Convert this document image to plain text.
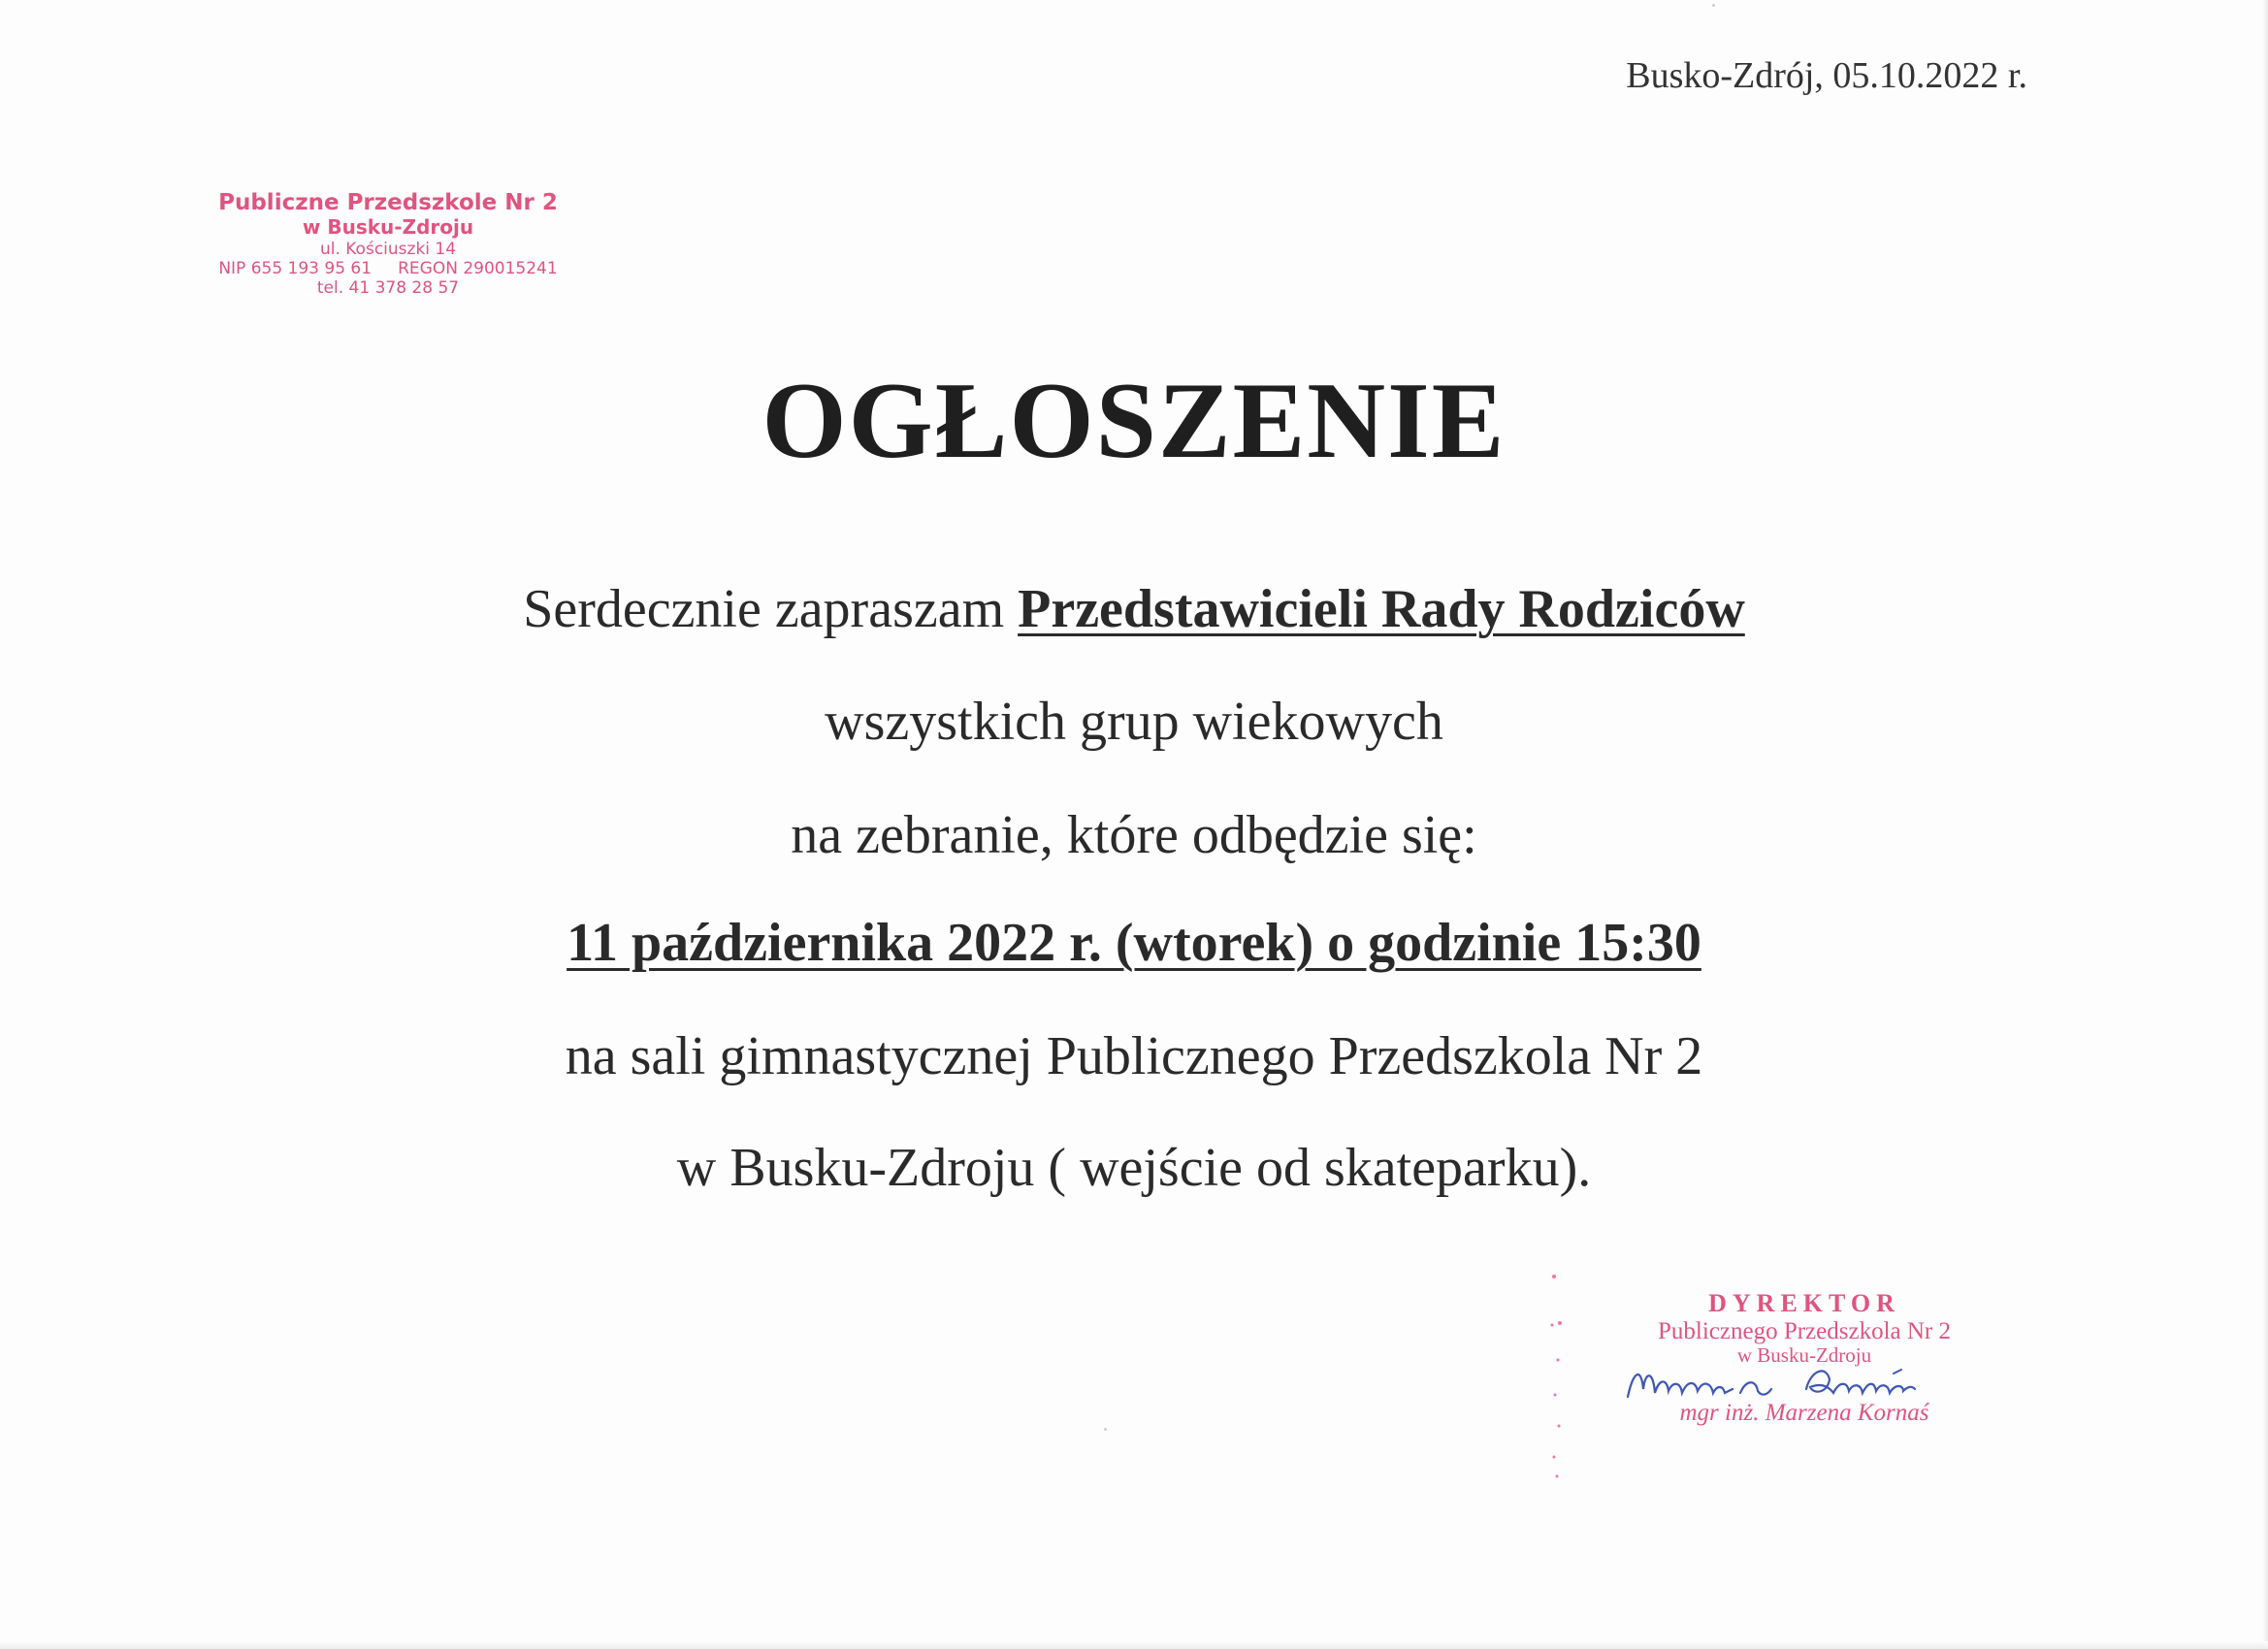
Busko-Zdrój, 05.10.2022 r.
Publiczne Przedszkole Nr 2
w Busku-Zdroju
ul. Kościuszki 14
NIP 655 193 95 61     REGON 290015241
tel. 41 378 28 57
OGŁOSZENIE
Serdecznie zapraszam Przedstawicieli Rady Rodziców
wszystkich grup wiekowych
na zebranie, które odbędzie się:
11 października 2022 r. (wtorek) o godzinie 15:30
na sali gimnastycznej Publicznego Przedszkola Nr 2
w Busku-Zdroju ( wejście od skateparku).
DYREKTOR
Publicznego Przedszkola Nr 2
w Busku-Zdroju
mgr inż. Marzena Kornaś
